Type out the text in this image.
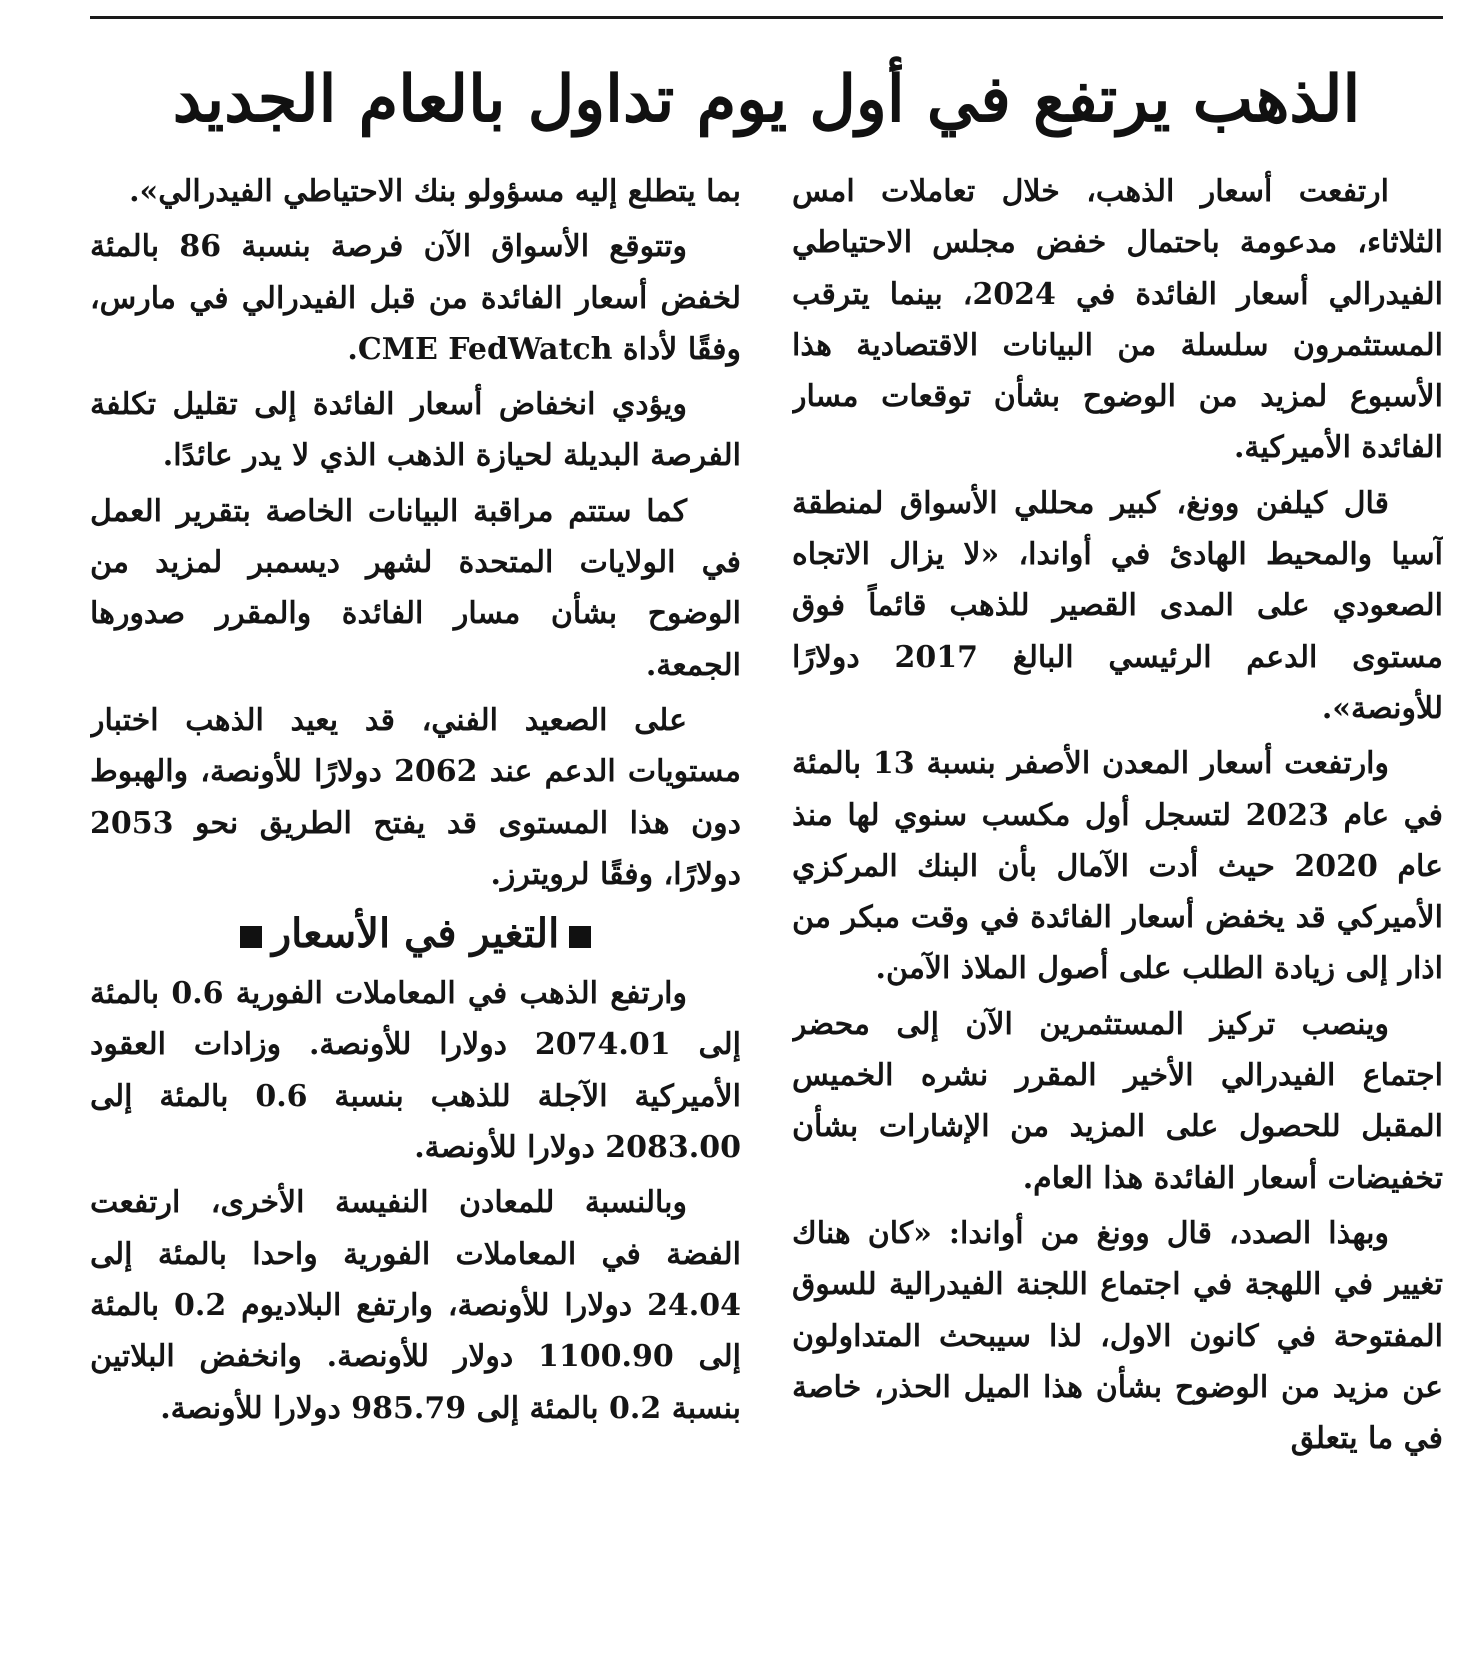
الذهب يرتفع في أول يوم تداول بالعام الجديد

ارتفعت أسعار الذهب، خلال تعاملات امس الثلاثاء، مدعومة باحتمال خفض مجلس الاحتياطي الفيدرالي أسعار الفائدة في 2024، بينما يترقب المستثمرون سلسلة من البيانات الاقتصادية هذا الأسبوع لمزيد من الوضوح بشأن توقعات مسار الفائدة الأميركية.

قال كيلفن وونغ، كبير محللي الأسواق لمنطقة آسيا والمحيط الهادئ في أواندا، «لا يزال الاتجاه الصعودي على المدى القصير للذهب قائماً فوق مستوى الدعم الرئيسي البالغ 2017 دولارًا للأونصة».

وارتفعت أسعار المعدن الأصفر بنسبة 13 بالمئة في عام 2023 لتسجل أول مكسب سنوي لها منذ عام 2020 حيث أدت الآمال بأن البنك المركزي الأميركي قد يخفض أسعار الفائدة في وقت مبكر من اذار إلى زيادة الطلب على أصول الملاذ الآمن.

وينصب تركيز المستثمرين الآن إلى محضر اجتماع الفيدرالي الأخير المقرر نشره الخميس المقبل للحصول على المزيد من الإشارات بشأن تخفيضات أسعار الفائدة هذا العام.

وبهذا الصدد، قال وونغ من أواندا: «كان هناك تغيير في اللهجة في اجتماع اللجنة الفيدرالية للسوق المفتوحة في كانون الاول، لذا سيبحث المتداولون عن مزيد من الوضوح بشأن هذا الميل الحذر، خاصة في ما يتعلق

بما يتطلع إليه مسؤولو بنك الاحتياطي الفيدرالي».

وتتوقع الأسواق الآن فرصة بنسبة 86 بالمئة لخفض أسعار الفائدة من قبل الفيدرالي في مارس، وفقًا لأداة CME FedWatch.

ويؤدي انخفاض أسعار الفائدة إلى تقليل تكلفة الفرصة البديلة لحيازة الذهب الذي لا يدر عائدًا.

كما ستتم مراقبة البيانات الخاصة بتقرير العمل في الولايات المتحدة لشهر ديسمبر لمزيد من الوضوح بشأن مسار الفائدة والمقرر صدورها الجمعة.

على الصعيد الفني، قد يعيد الذهب اختبار مستويات الدعم عند 2062 دولارًا للأونصة، والهبوط دون هذا المستوى قد يفتح الطريق نحو 2053 دولارًا، وفقًا لرويترز.

التغير في الأسعار

وارتفع الذهب في المعاملات الفورية 0.6 بالمئة إلى 2074.01 دولارا للأونصة. وزادات العقود الأميركية الآجلة للذهب بنسبة 0.6 بالمئة إلى 2083.00 دولارا للأونصة.

وبالنسبة للمعادن النفيسة الأخرى، ارتفعت الفضة في المعاملات الفورية واحدا بالمئة إلى 24.04 دولارا للأونصة، وارتفع البلاديوم 0.2 بالمئة إلى 1100.90 دولار للأونصة. وانخفض البلاتين بنسبة 0.2 بالمئة إلى 985.79 دولارا للأونصة.
